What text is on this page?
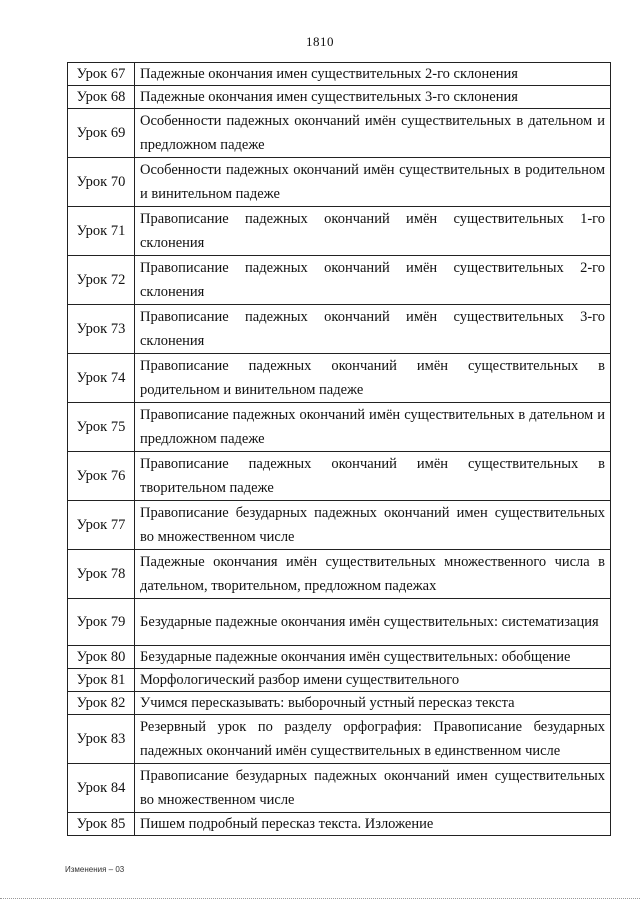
1810
Урок 67	Падежные окончания имен существительных 2-го склонения
Урок 68	Падежные окончания имен существительных 3-го склонения
Урок 69	Особенности падежных окончаний имён существительных в дательном и предложном падеже
Урок 70	Особенности падежных окончаний имён существительных в родительном и винительном падеже
Урок 71	Правописание падежных окончаний имён существительных 1-го склонения
Урок 72	Правописание падежных окончаний имён существительных 2-го склонения
Урок 73	Правописание падежных окончаний имён существительных 3-го склонения
Урок 74	Правописание падежных окончаний имён существительных в родительном и винительном падеже
Урок 75	Правописание падежных окончаний имён существительных в дательном и предложном падеже
Урок 76	Правописание падежных окончаний имён существительных в творительном падеже
Урок 77	Правописание безударных падежных окончаний имен существительных во множественном числе
Урок 78	Падежные окончания имён существительных множественного числа в дательном, творительном, предложном падежах
Урок 79	Безударные падежные окончания имён существительных: систематизация
Урок 80	Безударные падежные окончания имён существительных: обобщение
Урок 81	Морфологический разбор имени существительного
Урок 82	Учимся пересказывать: выборочный устный пересказ текста
Урок 83	Резервный урок по разделу орфография: Правописание безударных падежных окончаний имён существительных в единственном числе
Урок 84	Правописание безударных падежных окончаний имен существительных во множественном числе
Урок 85	Пишем подробный пересказ текста. Изложение
Изменения – 03
